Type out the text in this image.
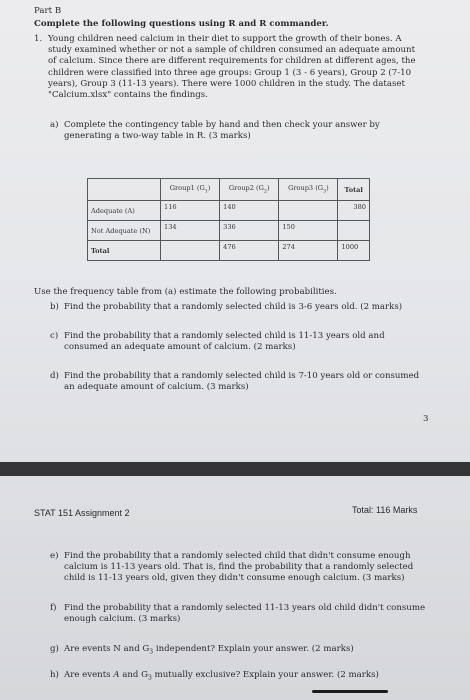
Part B
Complete the following questions using R and R commander.
1. Young children need calcium in their diet to support the growth of their bones. A study examined whether or not a sample of children consumed an adequate amount of calcium. Since there are different requirements for children at different ages, the children were classified into three age groups: Group 1 (3 - 6 years), Group 2 (7-10 years), Group 3 (11-13 years). There were 1000 children in the study. The dataset "Calcium.xlsx" contains the findings.
a) Complete the contingency table by hand and then check your answer by generating a two-way table in R. (3 marks)
	Group1 $(G_1)$	Group2 $(G_2)$	Group3 $(G_3)$	Total
Adequate (A)	116	140		380
Not Adequate (N)	134	336	150	
Total		476	274	1000
Use the frequency table from (a) estimate the following probabilities.
b) Find the probability that a randomly selected child is 3-6 years old. (2 marks)
c) Find the probability that a randomly selected child is 11-13 years old and consumed an adequate amount of calcium. (2 marks)
d) Find the probability that a randomly selected child is 7-10 years old or consumed an adequate amount of calcium. (3 marks)
3
STAT 151 Assignment 2	Total: 116 Marks
e) Find the probability that a randomly selected child that didn't consume enough calcium is 11-13 years old. That is, find the probability that a randomly selected child is 11-13 years old, given they didn't consume enough calcium. (3 marks)
f) Find the probability that a randomly selected 11-13 years old child didn't consume enough calcium. (3 marks)
g) Are events N and $G_3$ independent? Explain your answer. (2 marks)
h) Are events A and $G_3$ mutually exclusive? Explain your answer. (2 marks)
